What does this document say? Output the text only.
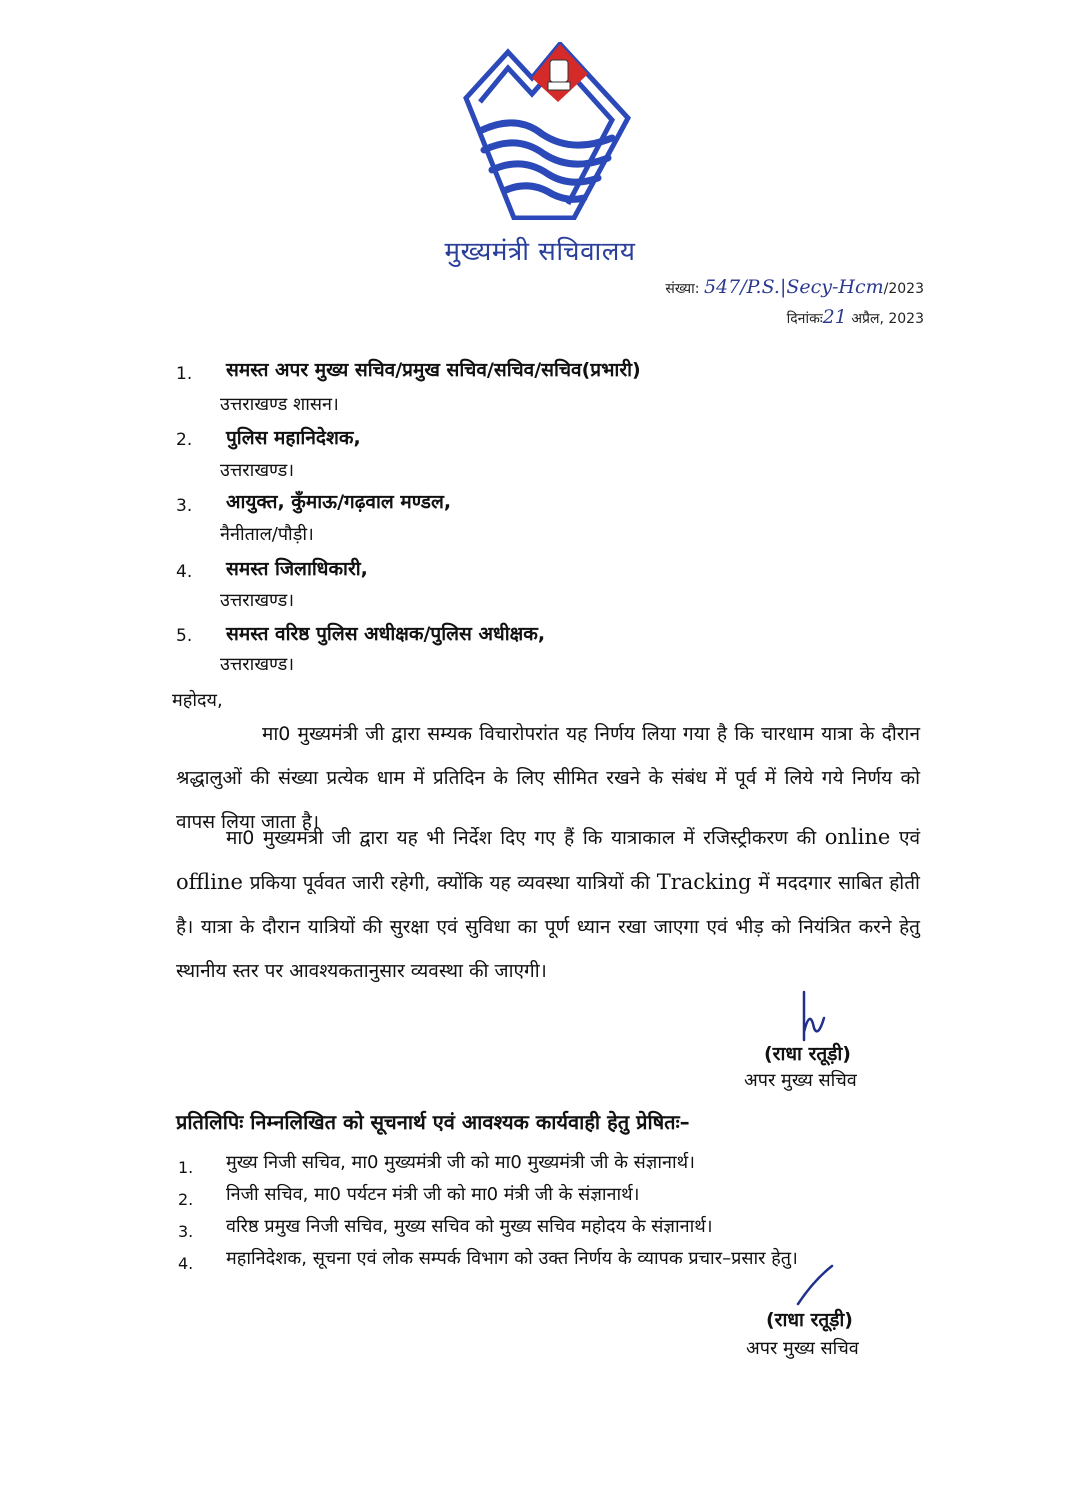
मुख्यमंत्री सचिवालय
संख्या: 547/P.S.|Secy-Hcm/2023
दिनांकः21 अप्रैल, 2023
1. समस्त अपर मुख्य सचिव/प्रमुख सचिव/सचिव/सचिव(प्रभारी)
उत्तराखण्ड शासन।
2. पुलिस महानिदेशक,
उत्तराखण्ड।
3. आयुक्त, कुँमाऊ/गढ़वाल मण्डल,
नैनीताल/पौड़ी।
4. समस्त जिलाधिकारी,
उत्तराखण्ड।
5. समस्त वरिष्ठ पुलिस अधीक्षक/पुलिस अधीक्षक,
उत्तराखण्ड।
महोदय,

मा0 मुख्यमंत्री जी द्वारा सम्यक विचारोपरांत यह निर्णय लिया गया है कि चारधाम यात्रा के दौरान श्रद्धालुओं की संख्या प्रत्येक धाम में प्रतिदिन के लिए सीमित रखने के संबंध में पूर्व में लिये गये निर्णय को वापस लिया जाता है।

मा0 मुख्यमंत्री जी द्वारा यह भी निर्देश दिए गए हैं कि यात्राकाल में रजिस्ट्रीकरण की online एवं offline प्रकिया पूर्ववत जारी रहेगी, क्योंकि यह व्यवस्था यात्रियों की Tracking में मददगार साबित होती है। यात्रा के दौरान यात्रियों की सुरक्षा एवं सुविधा का पूर्ण ध्यान रखा जाएगा एवं भीड़ को नियंत्रित करने हेतु स्थानीय स्तर पर आवश्यकतानुसार व्यवस्था की जाएगी।

(राधा रतूड़ी)
अपर मुख्य सचिव
प्रतिलिपिः निम्नलिखित को सूचनार्थ एवं आवश्यक कार्यवाही हेतु प्रेषितः–
1. मुख्य निजी सचिव, मा0 मुख्यमंत्री जी को मा0 मुख्यमंत्री जी के संज्ञानार्थ।
2. निजी सचिव, मा0 पर्यटन मंत्री जी को मा0 मंत्री जी के संज्ञानार्थ।
3. वरिष्ठ प्रमुख निजी सचिव, मुख्य सचिव को मुख्य सचिव महोदय के संज्ञानार्थ।
4. महानिदेशक, सूचना एवं लोक सम्पर्क विभाग को उक्त निर्णय के व्यापक प्रचार–प्रसार हेतु।
(राधा रतूड़ी)
अपर मुख्य सचिव
